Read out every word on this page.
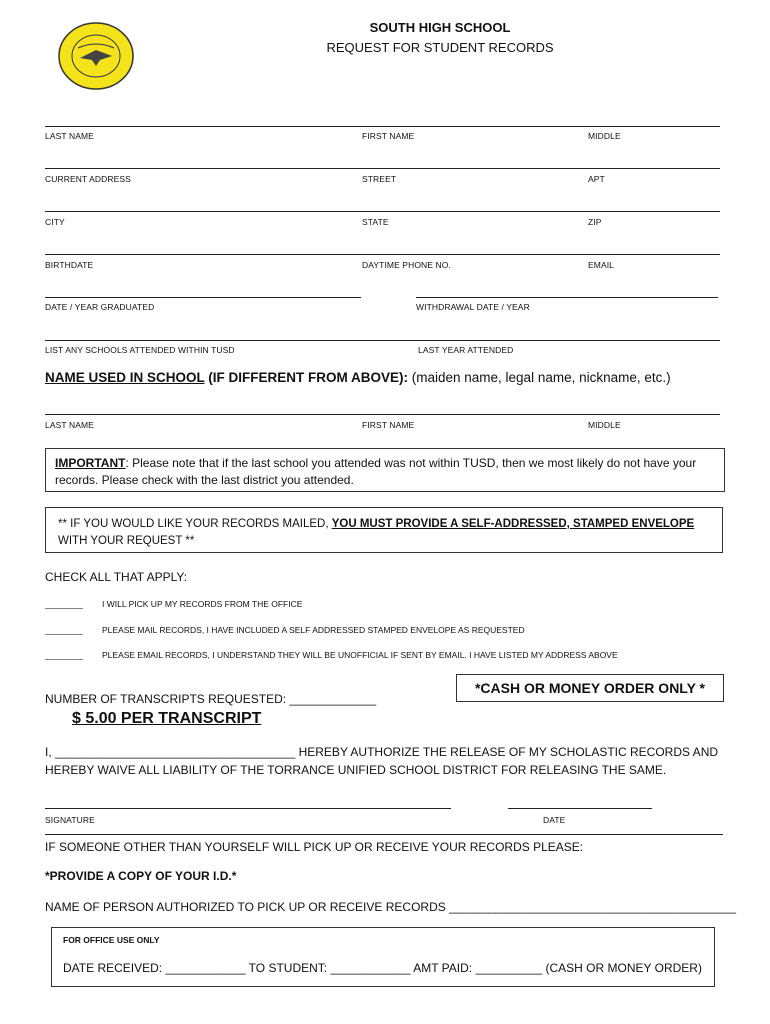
SOUTH HIGH SCHOOL
REQUEST FOR STUDENT RECORDS
LAST NAME	FIRST NAME	MIDDLE
CURRENT ADDRESS	STREET	APT
CITY	STATE	ZIP
BIRTHDATE	DAYTIME PHONE NO.	EMAIL
DATE / YEAR GRADUATED	WITHDRAWAL DATE / YEAR
LIST ANY SCHOOLS ATTENDED WITHIN TUSD	LAST YEAR ATTENDED
NAME USED IN SCHOOL (IF DIFFERENT FROM ABOVE): (maiden name, legal name, nickname, etc.)
LAST NAME	FIRST NAME	MIDDLE
IMPORTANT: Please note that if the last school you attended was not within TUSD, then we most likely do not have your records. Please check with the last district you attended.
** IF YOU WOULD LIKE YOUR RECORDS MAILED, YOU MUST PROVIDE A SELF-ADDRESSED, STAMPED ENVELOPE WITH YOUR REQUEST **
CHECK ALL THAT APPLY:
________ I WILL PICK UP MY RECORDS FROM THE OFFICE
________ PLEASE MAIL RECORDS, I HAVE INCLUDED A SELF ADDRESSED STAMPED ENVELOPE AS REQUESTED
________ PLEASE EMAIL RECORDS, I UNDERSTAND THEY WILL BE UNOFFICIAL IF SENT BY EMAIL. I HAVE LISTED MY ADDRESS ABOVE
*CASH OR MONEY ORDER ONLY *
NUMBER OF TRANSCRIPTS REQUESTED: _____________
$ 5.00 PER TRANSCRIPT
I, ____________________________________ HEREBY AUTHORIZE THE RELEASE OF MY SCHOLASTIC RECORDS AND
HEREBY WAIVE ALL LIABILITY OF THE TORRANCE UNIFIED SCHOOL DISTRICT FOR RELEASING THE SAME.
SIGNATURE	DATE
IF SOMEONE OTHER THAN YOURSELF WILL PICK UP OR RECEIVE YOUR RECORDS PLEASE:
*PROVIDE A COPY OF YOUR I.D.*
NAME OF PERSON AUTHORIZED TO PICK UP OR RECEIVE RECORDS ___________________________________________
FOR OFFICE USE ONLY
DATE RECEIVED: ____________ TO STUDENT: ____________ AMT PAID: __________ (CASH OR MONEY ORDER)
